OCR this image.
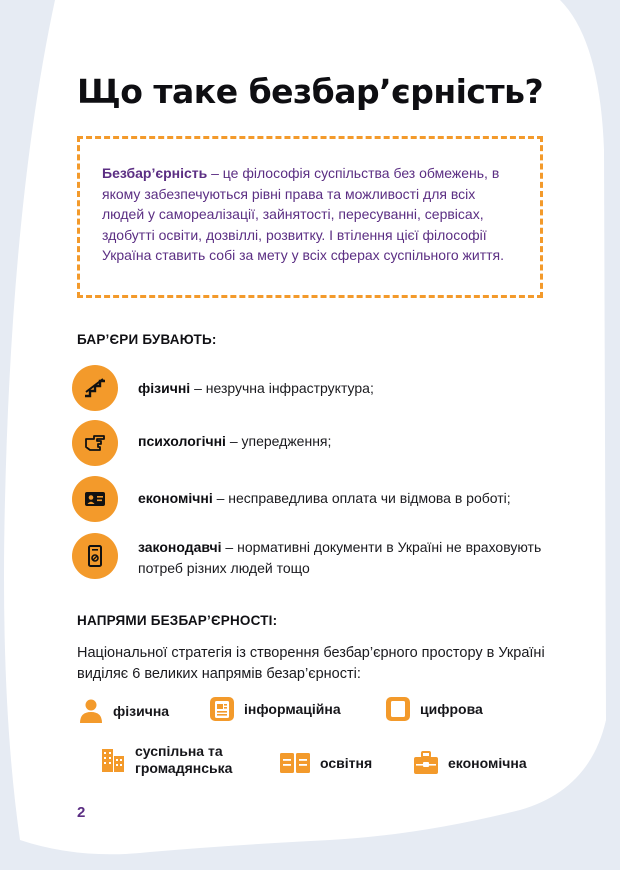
Що таке безбар’єрність?

Безбар’єрність – це філософія суспільства без обмежень, в якому забезпечуються рівні права та можливості для всіх людей у самореалізації, зайнятості, пересуванні, сервісах, здобутті освіти, дозвіллі, розвитку. І втілення цієї філософії Україна ставить собі за мету у всіх сферах суспільного життя.

БАР’ЄРИ БУВАЮТЬ:

фізичні – незручна інфраструктура;

психологічні – упередження;

економічні – несправедлива оплата чи відмова в роботі;

законодавчі – нормативні документи в Україні не враховують потреб різних людей тощо

НАПРЯМИ БЕЗБАР’ЄРНОСТІ:

Національної стратегія із створення безбар’єрного простору в Україні виділяє 6 великих напрямів безар’єрності:

фізична	інформаційна	цифрова
суспільна та
громадянська	освітня	економічна
2
